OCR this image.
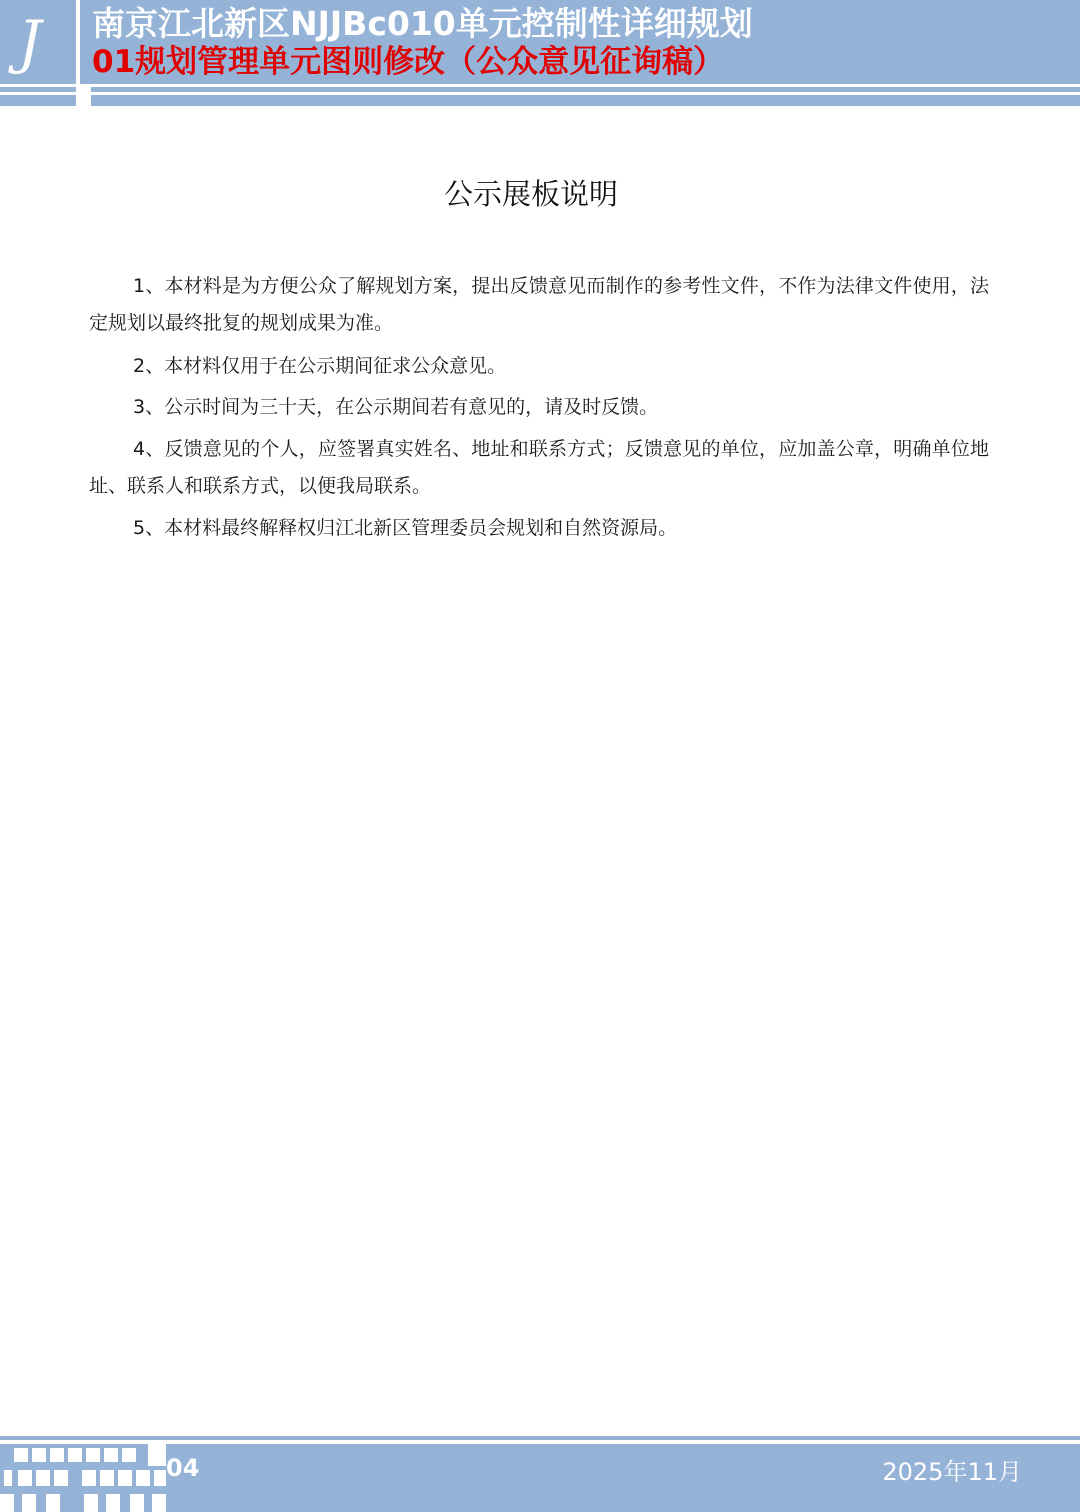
J 南京江北新区NJJBc010单元控制性详细规划
01规划管理单元图则修改（公众意见征询稿）
公示展板说明

1、本材料是为方便公众了解规划方案，提出反馈意见而制作的参考性文件，不作为法律文件使用，法定规划以最终批复的规划成果为准。

2、本材料仅用于在公示期间征求公众意见。

3、公示时间为三十天，在公示期间若有意见的，请及时反馈。

4、反馈意见的个人，应签署真实姓名、地址和联系方式；反馈意见的单位，应加盖公章，明确单位地址、联系人和联系方式，以便我局联系。

5、本材料最终解释权归江北新区管理委员会规划和自然资源局。

04	2025年11月
